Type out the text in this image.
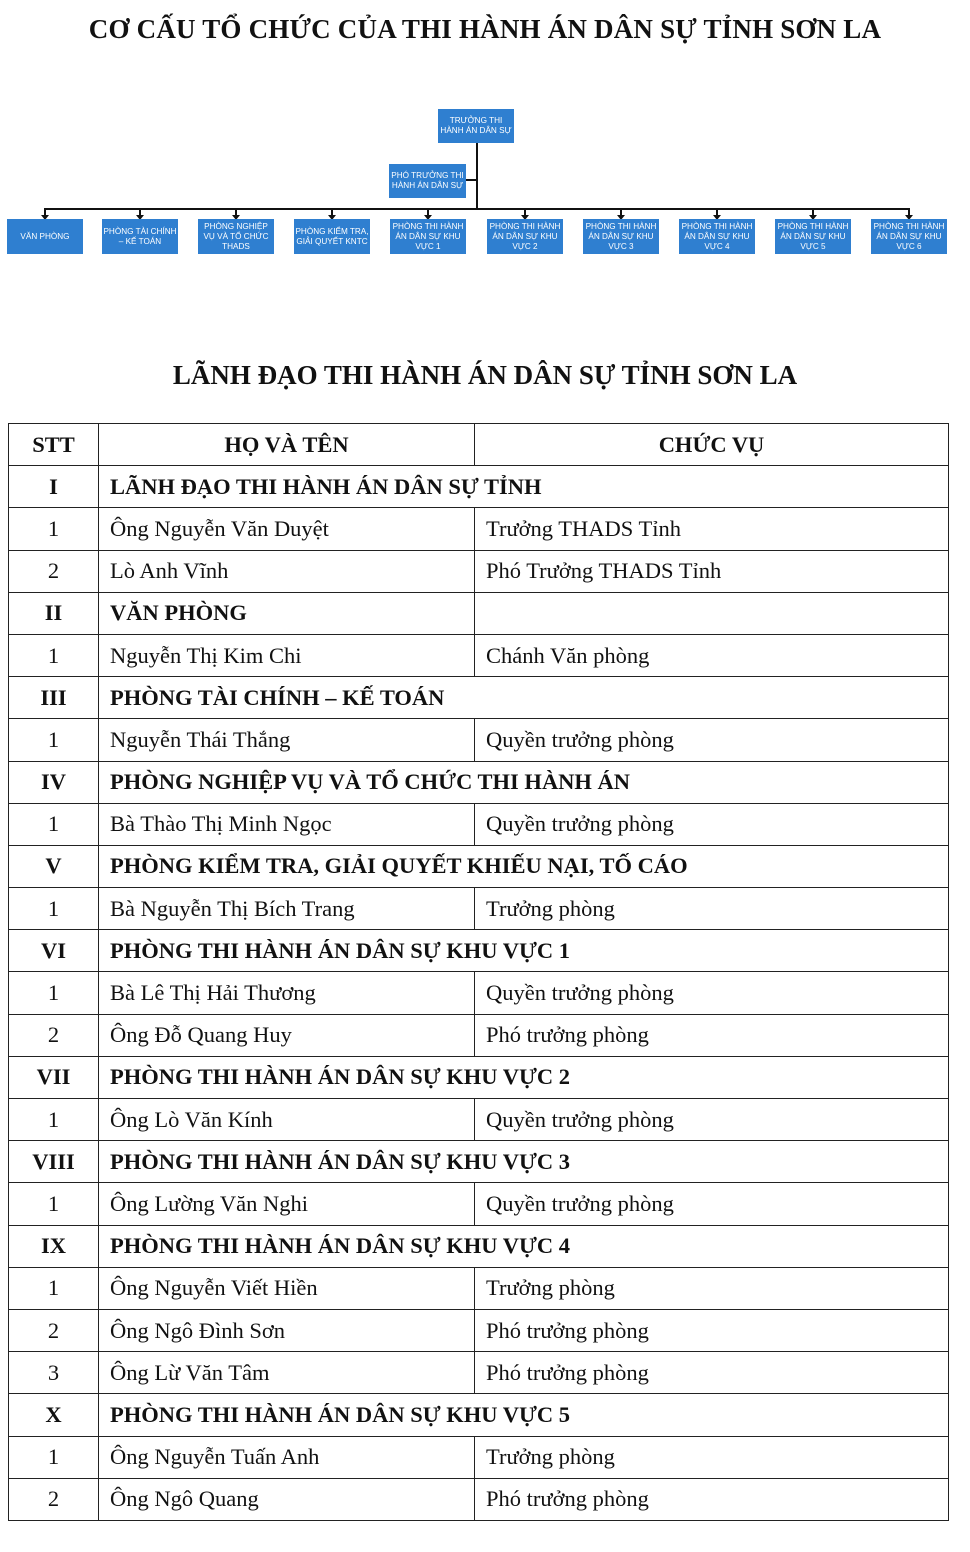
CƠ CẤU TỔ CHỨC CỦA THI HÀNH ÁN DÂN SỰ TỈNH SƠN LA
TRƯỞNG THI HÀNH ÁN DÂN SỰ
PHÓ TRƯỞNG THI HÀNH ÁN DÂN SỰ
VĂN PHÒNG
PHÒNG TÀI CHÍNH – KẾ TOÁN
PHÒNG NGHIỆP VỤ VÀ TỔ CHỨC THADS
PHÒNG KIỂM TRA, GIẢI QUYẾT KNTC
PHÒNG THI HÀNH ÁN DÂN SỰ KHU VỰC 1
PHÒNG THI HÀNH ÁN DÂN SỰ KHU VỰC 2
PHÒNG THI HÀNH ÁN DÂN SỰ KHU VỰC 3
PHÒNG THI HÀNH ÁN DÂN SỰ KHU VỰC 4
PHÒNG THI HÀNH ÁN DÂN SỰ KHU VỰC 5
PHÒNG THI HÀNH ÁN DÂN SỰ KHU VỰC 6
LÃNH ĐẠO THI HÀNH ÁN DÂN SỰ TỈNH SƠN LA
STT	HỌ VÀ TÊN	CHỨC VỤ
I	LÃNH ĐẠO THI HÀNH ÁN DÂN SỰ TỈNH	
1	Ông Nguyễn Văn Duyệt	Trưởng THADS Tỉnh
2	Lò Anh Vĩnh	Phó Trưởng THADS Tỉnh
II	VĂN PHÒNG	
1	Nguyễn Thị Kim Chi	Chánh Văn phòng
III	PHÒNG TÀI CHÍNH – KẾ TOÁN	
1	Nguyễn Thái Thắng	Quyền trưởng phòng
IV	PHÒNG NGHIỆP VỤ VÀ TỔ CHỨC THI HÀNH ÁN	
1	Bà Thào Thị Minh Ngọc	Quyền trưởng phòng
V	PHÒNG KIỂM TRA, GIẢI QUYẾT KHIẾU NẠI, TỐ CÁO	
1	Bà Nguyễn Thị Bích Trang	Trưởng phòng
VI	PHÒNG THI HÀNH ÁN DÂN SỰ KHU VỰC 1	
1	Bà Lê Thị Hải Thương	Quyền trưởng phòng
2	Ông Đỗ Quang Huy	Phó trưởng phòng
VII	PHÒNG THI HÀNH ÁN DÂN SỰ KHU VỰC 2	
1	Ông Lò Văn Kính	Quyền trưởng phòng
VIII	PHÒNG THI HÀNH ÁN DÂN SỰ KHU VỰC 3	
1	Ông Lường Văn Nghi	Quyền trưởng phòng
IX	PHÒNG THI HÀNH ÁN DÂN SỰ KHU VỰC 4	
1	Ông Nguyễn Viết Hiền	Trưởng phòng
2	Ông Ngô Đình Sơn	Phó trưởng phòng
3	Ông Lừ Văn Tâm	Phó trưởng phòng
X	PHÒNG THI HÀNH ÁN DÂN SỰ KHU VỰC 5	
1	Ông Nguyễn Tuấn Anh	Trưởng phòng
2	Ông Ngô Quang	Phó trưởng phòng
